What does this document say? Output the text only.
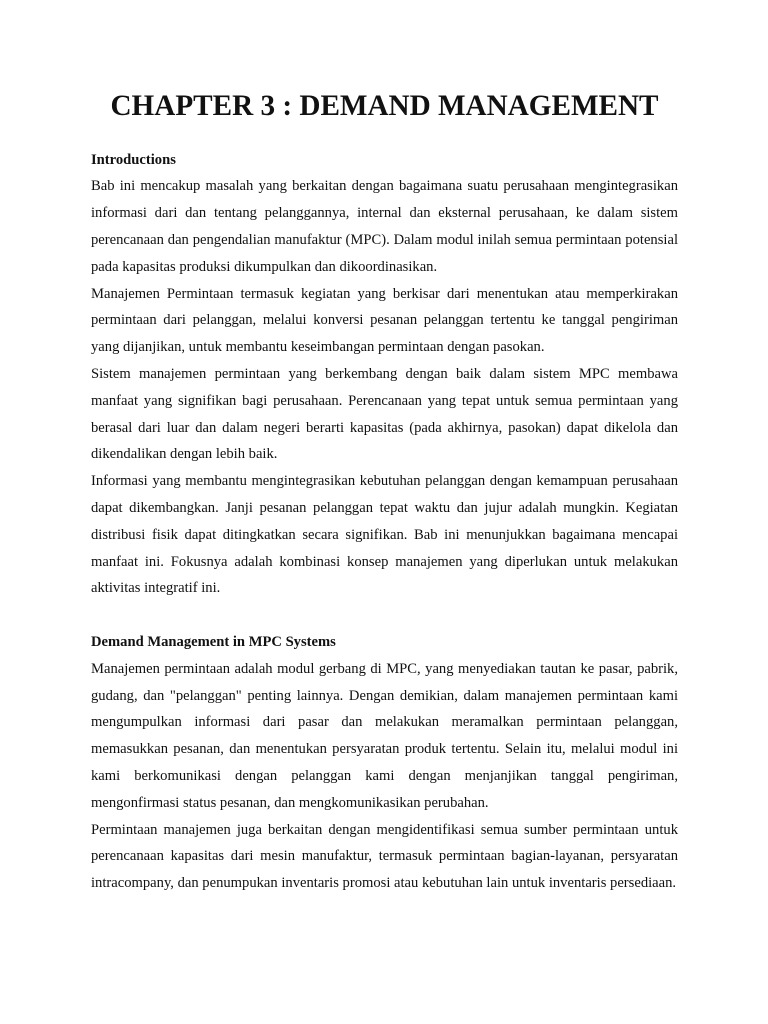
CHAPTER 3 : DEMAND MANAGEMENT
Introductions

Bab ini mencakup masalah yang berkaitan dengan bagaimana suatu perusahaan mengintegrasikan informasi dari dan tentang pelanggannya, internal dan eksternal perusahaan, ke dalam sistem perencanaan dan pengendalian manufaktur (MPC). Dalam modul inilah semua permintaan potensial pada kapasitas produksi dikumpulkan dan dikoordinasikan.

Manajemen Permintaan termasuk kegiatan yang berkisar dari menentukan atau memperkirakan permintaan dari pelanggan, melalui konversi pesanan pelanggan tertentu ke tanggal pengiriman yang dijanjikan, untuk membantu keseimbangan permintaan dengan pasokan.

Sistem manajemen permintaan yang berkembang dengan baik dalam sistem MPC membawa manfaat yang signifikan bagi perusahaan. Perencanaan yang tepat untuk semua permintaan yang berasal dari luar dan dalam negeri berarti kapasitas (pada akhirnya, pasokan) dapat dikelola dan dikendalikan dengan lebih baik.

Informasi yang membantu mengintegrasikan kebutuhan pelanggan dengan kemampuan perusahaan dapat dikembangkan. Janji pesanan pelanggan tepat waktu dan jujur adalah mungkin. Kegiatan distribusi fisik dapat ditingkatkan secara signifikan. Bab ini menunjukkan bagaimana mencapai manfaat ini. Fokusnya adalah kombinasi konsep manajemen yang diperlukan untuk melakukan aktivitas integratif ini.

Demand Management in MPC Systems

Manajemen permintaan adalah modul gerbang di MPC, yang menyediakan tautan ke pasar, pabrik, gudang, dan "pelanggan" penting lainnya. Dengan demikian, dalam manajemen permintaan kami mengumpulkan informasi dari pasar dan melakukan meramalkan permintaan pelanggan, memasukkan pesanan, dan menentukan persyaratan produk tertentu. Selain itu, melalui modul ini kami berkomunikasi dengan pelanggan kami dengan menjanjikan tanggal pengiriman, mengonfirmasi status pesanan, dan mengkomunikasikan perubahan.

Permintaan manajemen juga berkaitan dengan mengidentifikasi semua sumber permintaan untuk perencanaan kapasitas dari mesin manufaktur, termasuk permintaan bagian-layanan, persyaratan intracompany, dan penumpukan inventaris promosi atau kebutuhan lain untuk inventaris persediaan.
